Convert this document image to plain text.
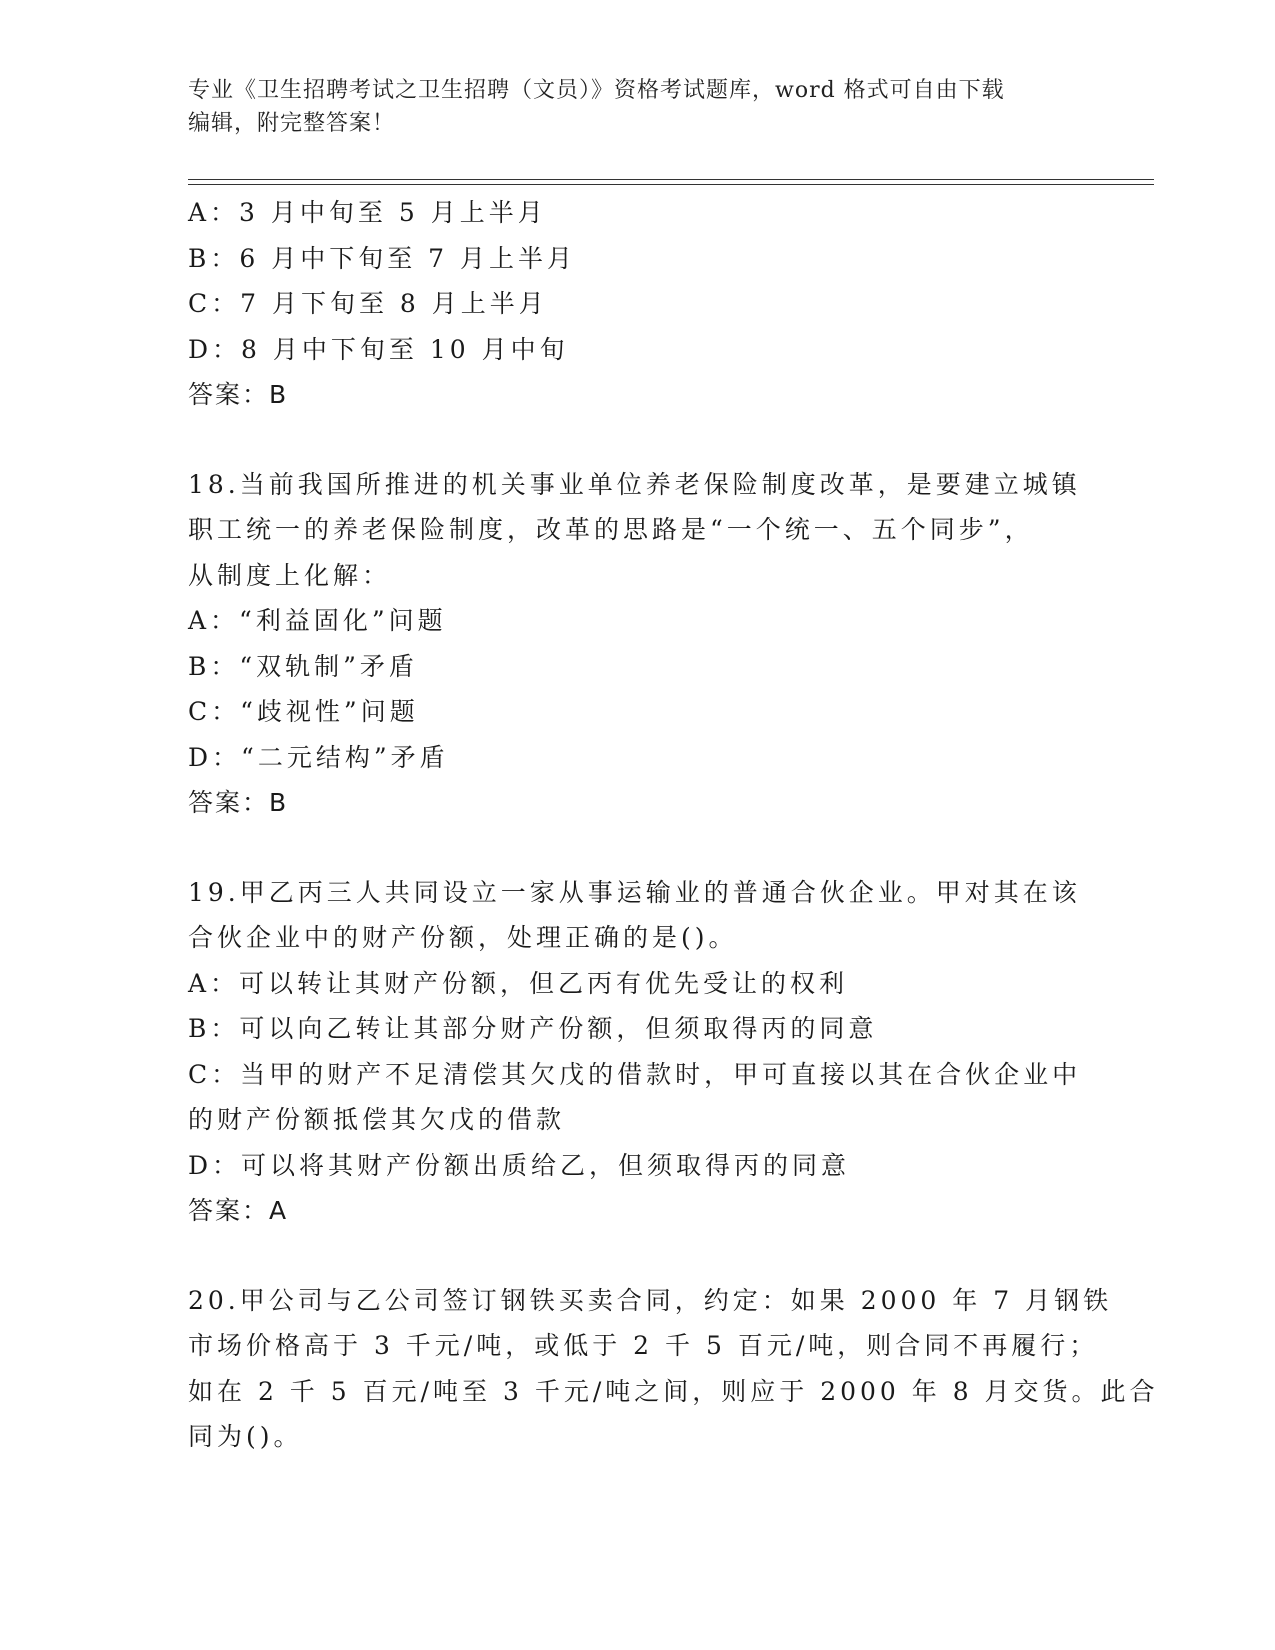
专业《卫生招聘考试之卫生招聘（文员）》资格考试题库，word 格式可自由下载
编辑，附完整答案！

A：3 月中旬至 5 月上半月

B：6 月中下旬至 7 月上半月

C：7 月下旬至 8 月上半月

D：8 月中下旬至 10 月中旬

答案：B

18.当前我国所推进的机关事业单位养老保险制度改革，是要建立城镇

职工统一的养老保险制度，改革的思路是“一个统一、五个同步”，

从制度上化解：

A：“利益固化”问题

B：“双轨制”矛盾

C：“歧视性”问题

D：“二元结构”矛盾

答案：B

19.甲乙丙三人共同设立一家从事运输业的普通合伙企业。甲对其在该

合伙企业中的财产份额，处理正确的是()。

A：可以转让其财产份额，但乙丙有优先受让的权利

B：可以向乙转让其部分财产份额，但须取得丙的同意

C：当甲的财产不足清偿其欠戊的借款时，甲可直接以其在合伙企业中

的财产份额抵偿其欠戊的借款

D：可以将其财产份额出质给乙，但须取得丙的同意

答案：A

20.甲公司与乙公司签订钢铁买卖合同，约定：如果 2000 年 7 月钢铁

市场价格高于 3 千元/吨，或低于 2 千 5 百元/吨，则合同不再履行；

如在 2 千 5 百元/吨至 3 千元/吨之间，则应于 2000 年 8 月交货。此合

同为()。
